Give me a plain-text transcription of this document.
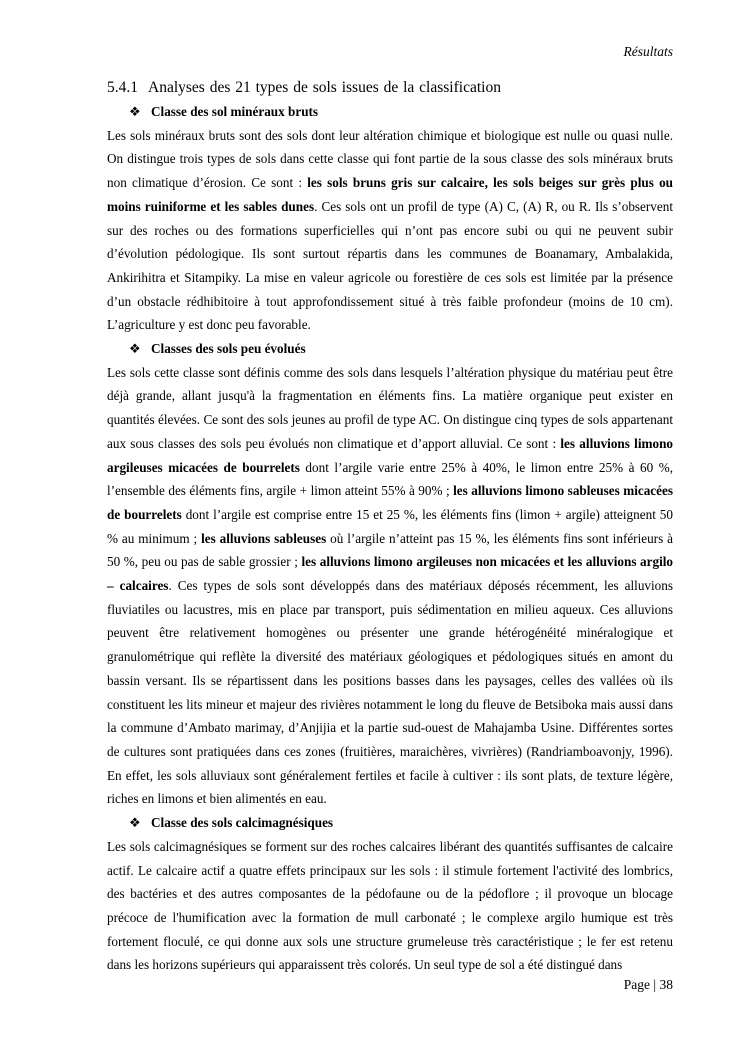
Résultats
5.4.1 Analyses des 21 types de sols issues de la classification
❖ Classe des sol minéraux bruts

Les sols minéraux bruts sont des sols dont leur altération chimique et biologique est nulle ou quasi nulle. On distingue trois types de sols dans cette classe qui font partie de la sous classe des sols minéraux bruts non climatique d’érosion. Ce sont : les sols bruns gris sur calcaire, les sols beiges sur grès plus ou moins ruiniforme et les sables dunes. Ces sols ont un profil de type (A) C, (A) R, ou R. Ils s’observent sur des roches ou des formations superficielles qui n’ont pas encore subi ou qui ne peuvent subir d’évolution pédologique. Ils sont surtout répartis dans les communes de Boanamary, Ambalakida, Ankirihitra et Sitampiky. La mise en valeur agricole ou forestière de ces sols est limitée par la présence d’un obstacle rédhibitoire à tout approfondissement situé à très faible profondeur (moins de 10 cm). L’agriculture y est donc peu favorable.

❖ Classes des sols peu évolués

Les sols cette classe sont définis comme des sols dans lesquels l’altération physique du matériau peut être déjà grande, allant jusqu'à la fragmentation en éléments fins. La matière organique peut exister en quantités élevées. Ce sont des sols jeunes au profil de type AC. On distingue cinq types de sols appartenant aux sous classes des sols peu évolués non climatique et d’apport alluvial. Ce sont : les alluvions limono argileuses micacées de bourrelets dont l’argile varie entre 25% à 40%, le limon entre 25% à 60 %, l’ensemble des éléments fins, argile + limon atteint 55% à 90% ; les alluvions limono sableuses micacées de bourrelets dont l’argile est comprise entre 15 et 25 %, les éléments fins (limon + argile) atteignent 50 % au minimum ; les alluvions sableuses où l’argile n’atteint pas 15 %, les éléments fins sont inférieurs à 50 %, peu ou pas de sable grossier ; les alluvions limono argileuses non micacées et les alluvions argilo – calcaires. Ces types de sols sont développés dans des matériaux déposés récemment, les alluvions fluviatiles ou lacustres, mis en place par transport, puis sédimentation en milieu aqueux. Ces alluvions peuvent être relativement homogènes ou présenter une grande hétérogénéité minéralogique et granulométrique qui reflète la diversité des matériaux géologiques et pédologiques situés en amont du bassin versant. Ils se répartissent dans les positions basses dans les paysages, celles des vallées où ils constituent les lits mineur et majeur des rivières notamment le long du fleuve de Betsiboka mais aussi dans la commune d’Ambato marimay, d’Anjijia et la partie sud-ouest de Mahajamba Usine. Différentes sortes de cultures sont pratiquées dans ces zones (fruitières, maraichères, vivrières) (Randriamboavonjy, 1996). En effet, les sols alluviaux sont généralement fertiles et facile à cultiver : ils sont plats, de texture légère, riches en limons et bien alimentés en eau.

❖ Classe des sols calcimagnésiques

Les sols calcimagnésiques se forment sur des roches calcaires libérant des quantités suffisantes de calcaire actif. Le calcaire actif a quatre effets principaux sur les sols : il stimule fortement l'activité des lombrics, des bactéries et des autres composantes de la pédofaune ou de la pédoflore ; il provoque un blocage précoce de l'humification avec la formation de mull carbonaté ; le complexe argilo humique est très fortement floculé, ce qui donne aux sols une structure grumeleuse très caractéristique ; le fer est retenu dans les horizons supérieurs qui apparaissent très colorés. Un seul type de sol a été distingué dans

Page | 38
